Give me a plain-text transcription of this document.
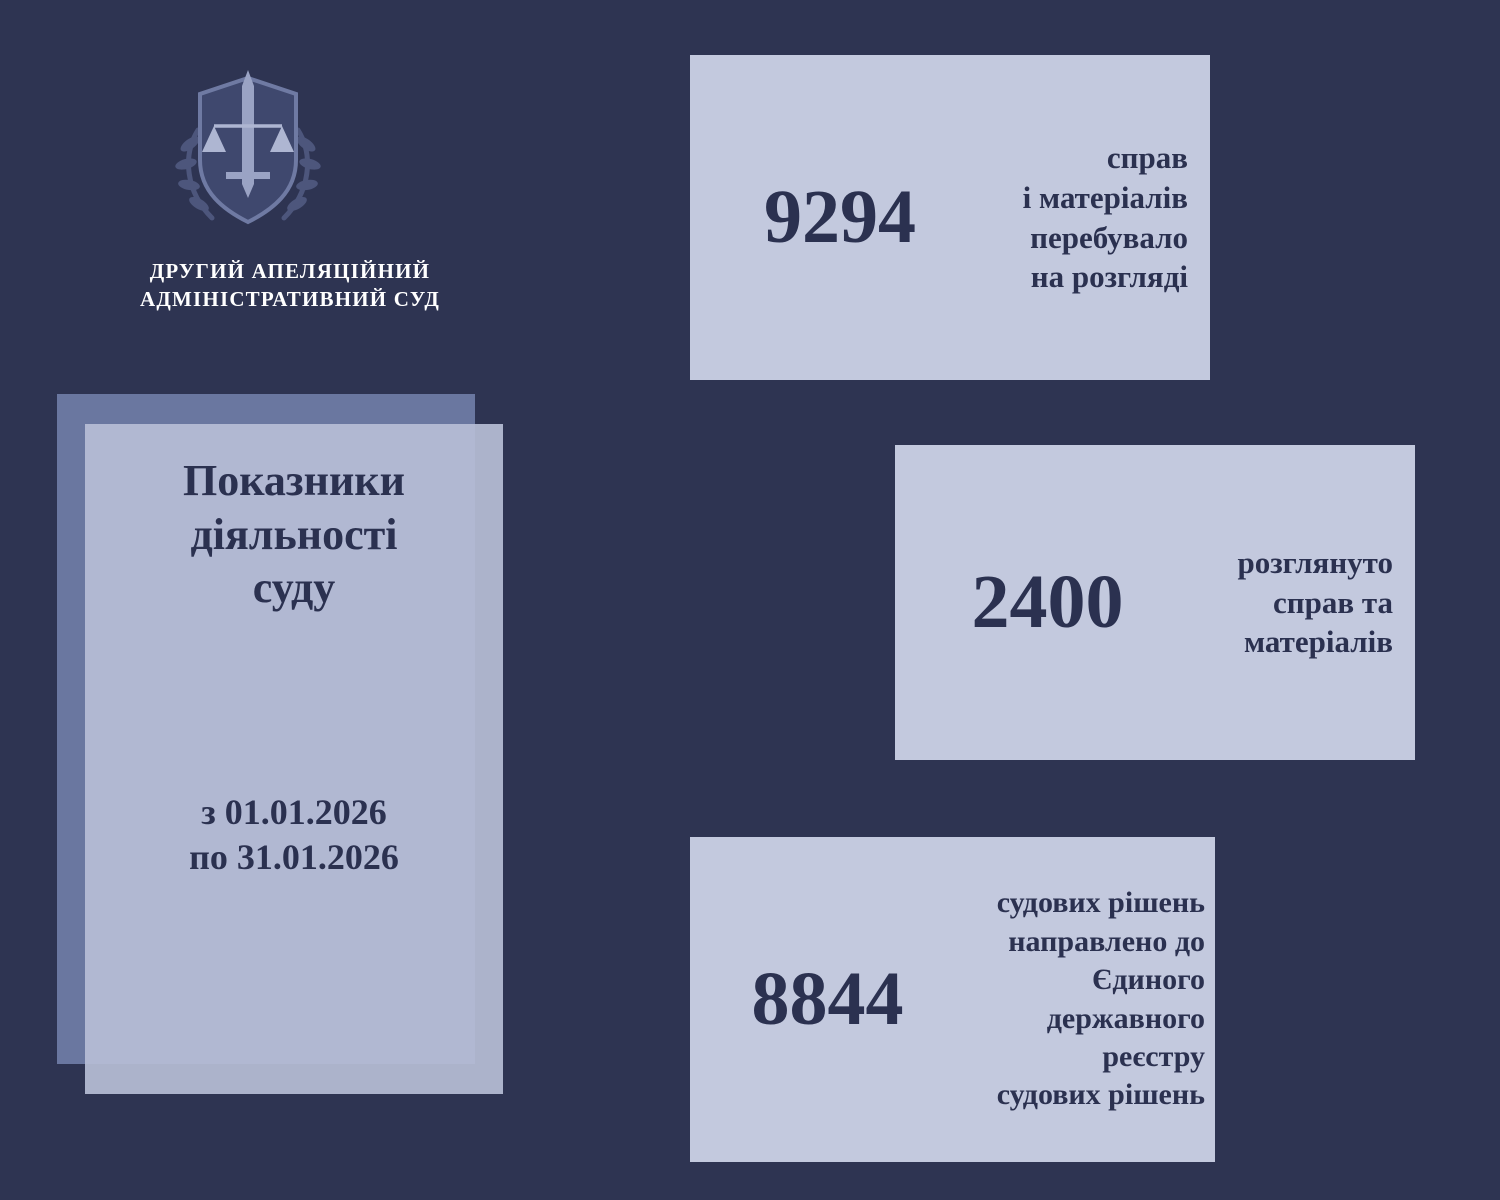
ДРУГИЙ АПЕЛЯЦІЙНИЙ
АДМІНІСТРАТИВНИЙ СУД
Показники
діяльності
суду
з 01.01.2026
по 31.01.2026
9294
справ
і матеріалів
перебувало
на розгляді
2400	розглянуто
справ та
матеріалів
8844
судових рішень
направлено до
Єдиного
державного
реєстру
судових рішень
